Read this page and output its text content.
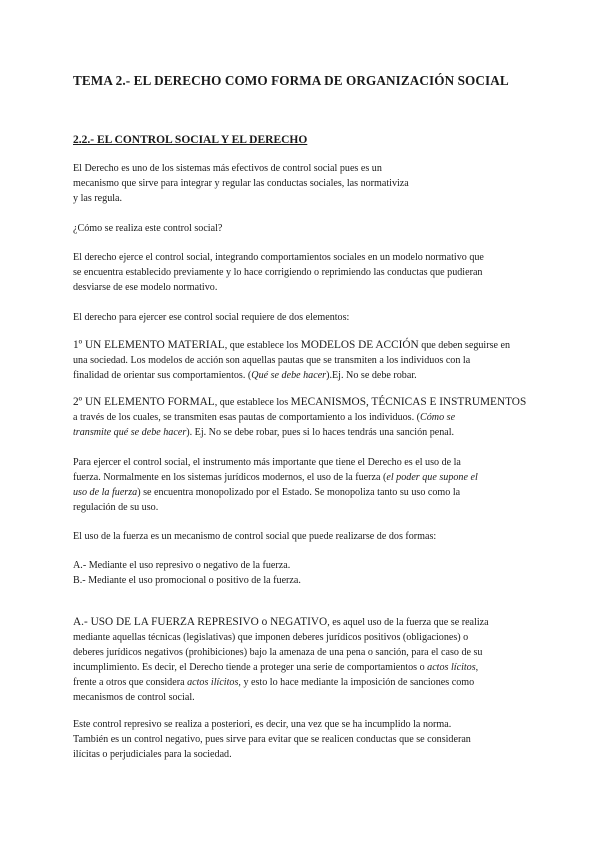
TEMA 2.- EL DERECHO COMO FORMA DE ORGANIZACIÓN SOCIAL
2.2.- EL CONTROL SOCIAL Y EL DERECHO
El Derecho es uno de los sistemas más efectivos de control social pues es un
mecanismo que sirve para integrar y regular las conductas sociales, las normativiza
y las regula.
¿Cómo se realiza este control social?
El derecho ejerce el control social, integrando comportamientos sociales en un modelo normativo que
se encuentra establecido previamente y lo hace corrigiendo o reprimiendo las conductas que pudieran
desviarse de ese modelo normativo.
El derecho para ejercer ese control social requiere de dos elementos:
1º UN ELEMENTO MATERIAL, que establece los MODELOS DE ACCIÓN que deben seguirse en
una sociedad. Los modelos de acción son aquellas pautas que se transmiten a los individuos con la
finalidad de orientar sus comportamientos. (Qué se debe hacer).Ej. No se debe robar.
2º UN ELEMENTO FORMAL, que establece los MECANISMOS, TÉCNICAS E INSTRUMENTOS
a través de los cuales, se transmiten esas pautas de comportamiento a los individuos. (Cómo se
transmite qué se debe hacer). Ej. No se debe robar, pues si lo haces tendrás una sanción penal.
Para ejercer el control social, el instrumento más importante que tiene el Derecho es el uso de la
fuerza. Normalmente en los sistemas jurídicos modernos, el uso de la fuerza (el poder que supone el
uso de la fuerza) se encuentra monopolizado por el Estado. Se monopoliza tanto su uso como la
regulación de su uso.
El uso de la fuerza es un mecanismo de control social que puede realizarse de dos formas:
A.- Mediante el uso represivo o negativo de la fuerza.
B.- Mediante el uso promocional o positivo de la fuerza.
A.- USO DE LA FUERZA REPRESIVO o NEGATIVO, es aquel uso de la fuerza que se realiza
mediante aquellas técnicas (legislativas) que imponen deberes jurídicos positivos (obligaciones) o
deberes jurídicos negativos (prohibiciones) bajo la amenaza de una pena o sanción, para el caso de su
incumplimiento. Es decir, el Derecho tiende a proteger una serie de comportamientos o actos lícitos,
frente a otros que considera actos ilícitos, y esto lo hace mediante la imposición de sanciones como
mecanismos de control social.
Este control represivo se realiza a posteriori, es decir, una vez que se ha incumplido la norma.
También es un control negativo, pues sirve para evitar que se realicen conductas que se consideran
ilícitas o perjudiciales para la sociedad.
